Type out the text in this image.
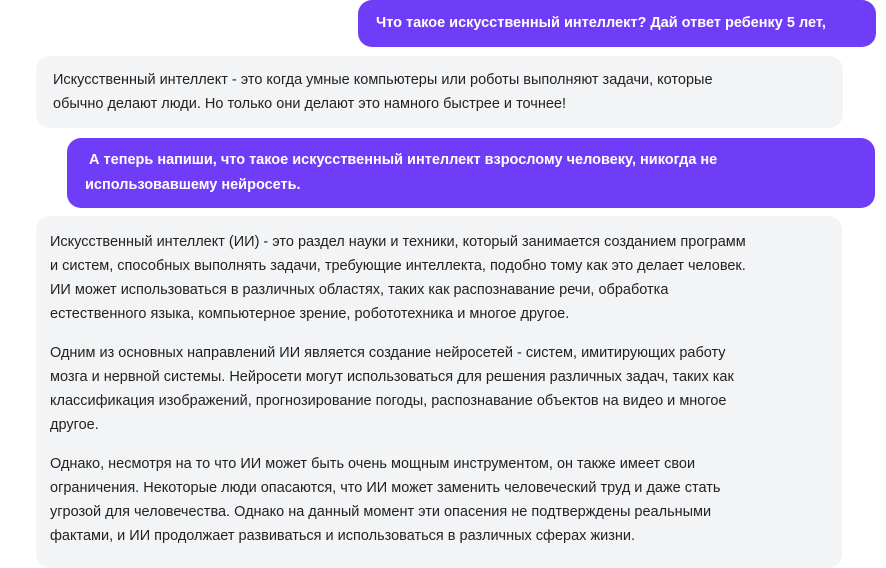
Что такое искусственный интеллект? Дай ответ ребенку 5 лет,
Искусственный интеллект - это когда умные компьютеры или роботы выполняют задачи, которые
обычно делают люди. Но только они делают это намного быстрее и точнее!
А теперь напиши, что такое искусственный интеллект взрослому человеку, никогда не
использовавшему нейросеть.
Искусственный интеллект (ИИ) - это раздел науки и техники, который занимается созданием программ
и систем, способных выполнять задачи, требующие интеллекта, подобно тому как это делает человек.
ИИ может использоваться в различных областях, таких как распознавание речи, обработка
естественного языка, компьютерное зрение, робототехника и многое другое.
Одним из основных направлений ИИ является создание нейросетей - систем, имитирующих работу
мозга и нервной системы. Нейросети могут использоваться для решения различных задач, таких как
классификация изображений, прогнозирование погоды, распознавание объектов на видео и многое
другое.
Однако, несмотря на то что ИИ может быть очень мощным инструментом, он также имеет свои
ограничения. Некоторые люди опасаются, что ИИ может заменить человеческий труд и даже стать
угрозой для человечества. Однако на данный момент эти опасения не подтверждены реальными
фактами, и ИИ продолжает развиваться и использоваться в различных сферах жизни.
